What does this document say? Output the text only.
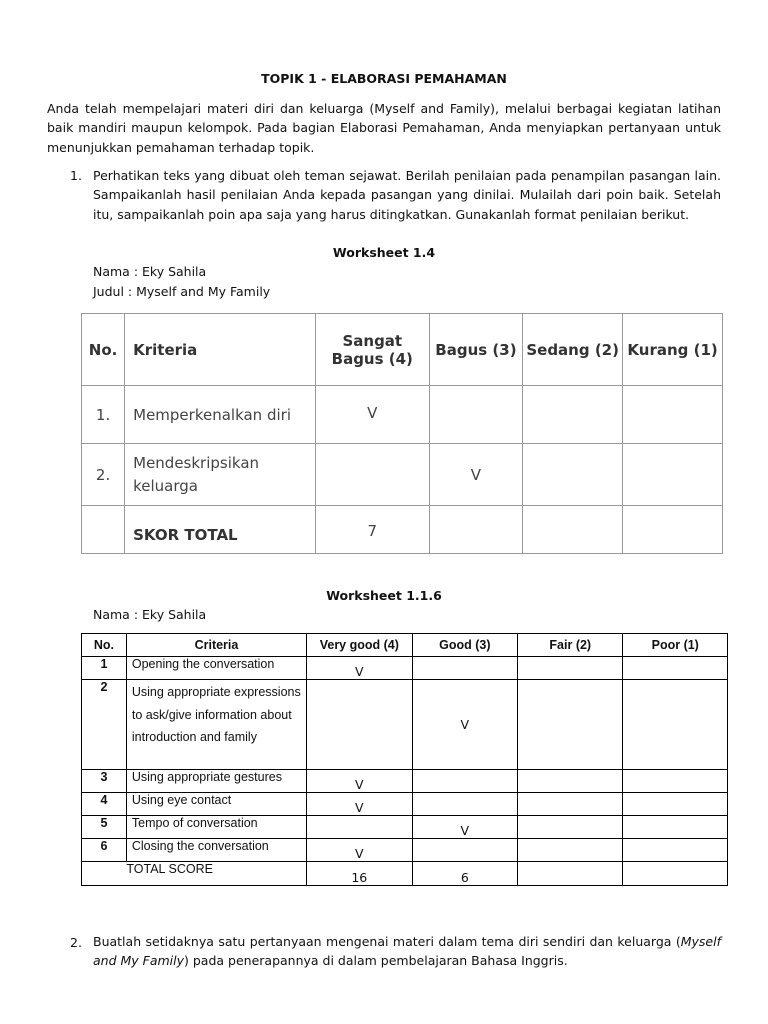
TOPIK 1 - ELABORASI PEMAHAMAN
Anda telah mempelajari materi diri dan keluarga (Myself and Family), melalui berbagai kegiatan latihan baik mandiri maupun kelompok. Pada bagian Elaborasi Pemahaman, Anda menyiapkan pertanyaan untuk menunjukkan pemahaman terhadap topik.
1. Perhatikan teks yang dibuat oleh teman sejawat. Berilah penilaian pada penampilan pasangan lain. Sampaikanlah hasil penilaian Anda kepada pasangan yang dinilai. Mulailah dari poin baik. Setelah itu, sampaikanlah poin apa saja yang harus ditingkatkan. Gunakanlah format penilaian berikut.
Worksheet 1.4
Nama : Eky Sahila
Judul : Myself and My Family
No.	Kriteria	Sangat Bagus (4)	Bagus (3)	Sedang (2)	Kurang (1)
1.	Memperkenalkan diri	V			
2.	Mendeskripsikan keluarga		V		
	SKOR TOTAL	7			
Worksheet 1.1.6
Nama : Eky Sahila
No.	Criteria	Very good (4)	Good (3)	Fair (2)	Poor (1)
1	Opening the conversation	V			
2	Using appropriate expressions to ask/give information about introduction and family		V		
3	Using appropriate gestures	V			
4	Using eye contact	V			
5	Tempo of conversation		V		
6	Closing the conversation	V			
	TOTAL SCORE	16	6		
2. Buatlah setidaknya satu pertanyaan mengenai materi dalam tema diri sendiri dan keluarga (Myself and My Family) pada penerapannya di dalam pembelajaran Bahasa Inggris.
